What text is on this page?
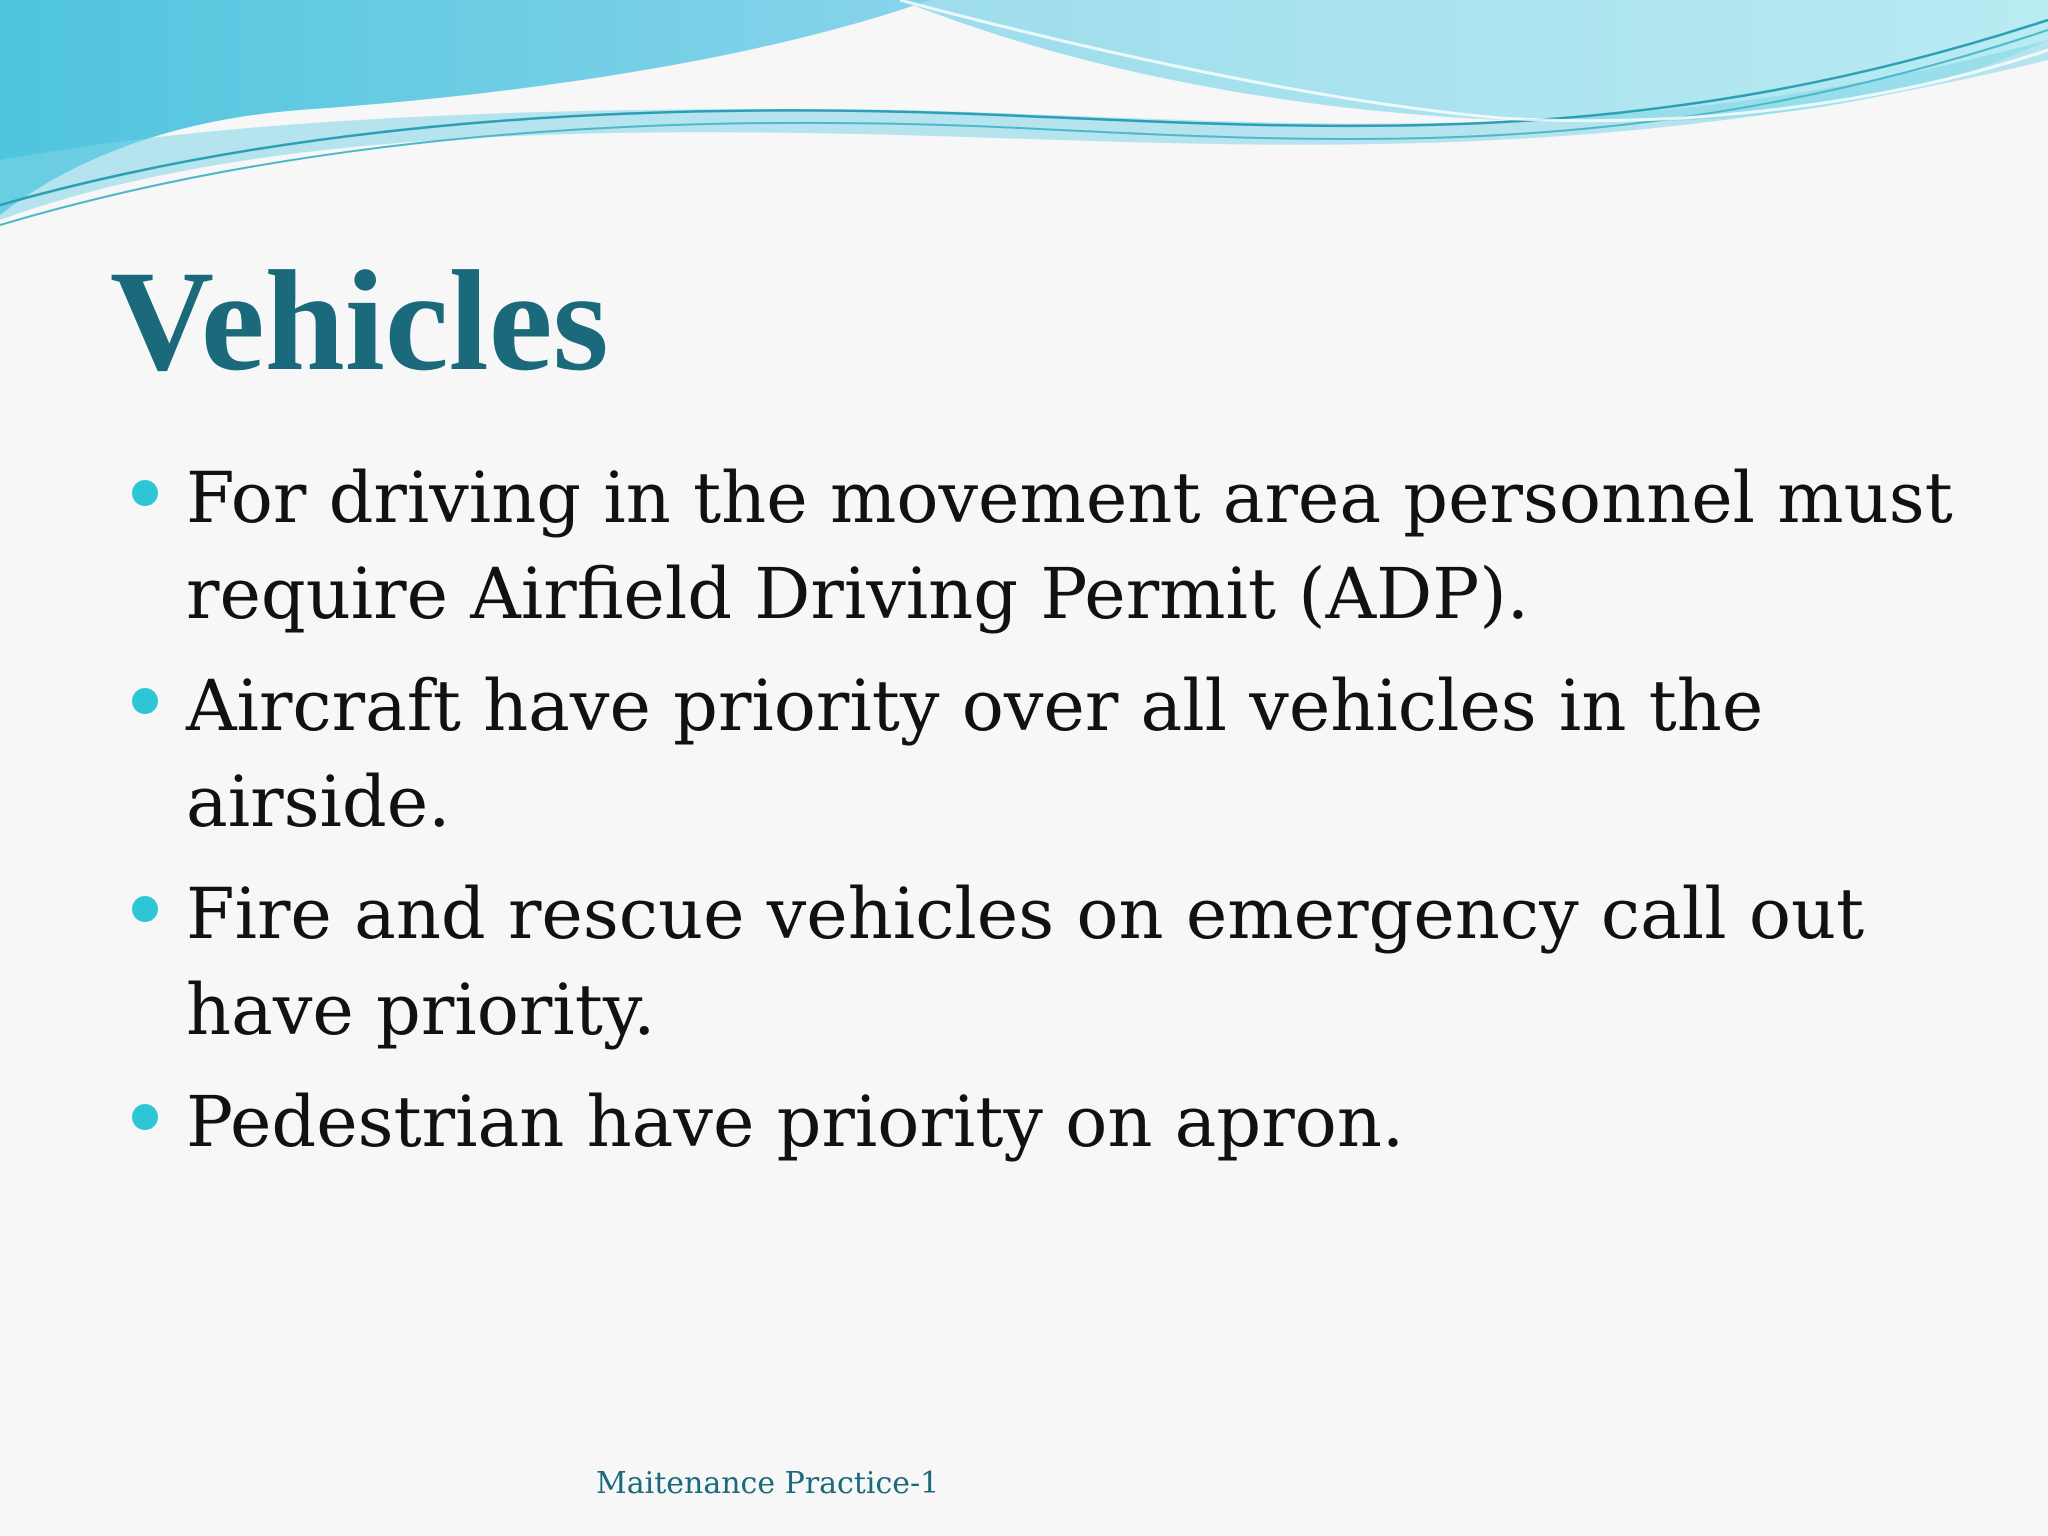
Vehicles
For driving in the movement area personnel must require Airfield Driving Permit (ADP).
Aircraft have priority over all vehicles in the airside.
Fire and rescue vehicles on emergency call out have priority.
Pedestrian have priority on apron.
Maitenance Practice-1
